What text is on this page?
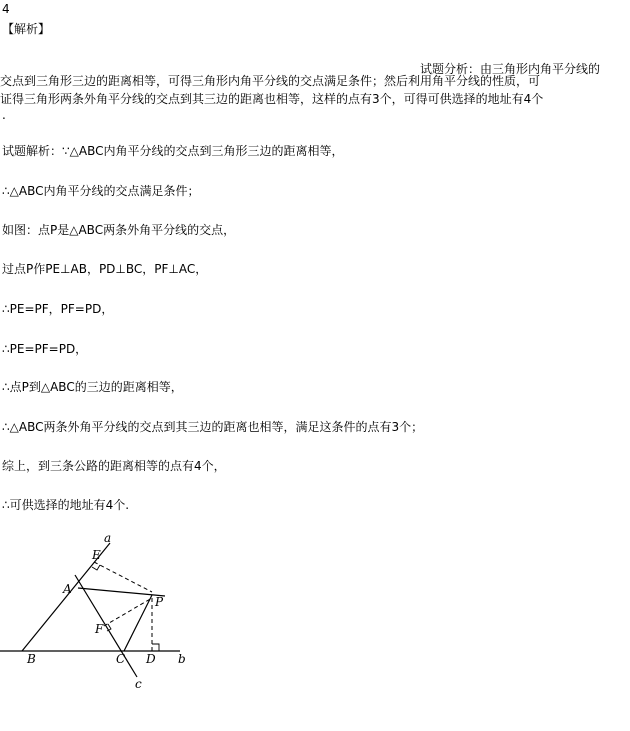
4
【解析】
试题分析：由三角形内角平分线的
交点到三角形三边的距离相等，可得三角形内角平分线的交点满足条件；然后利用角平分线的性质，可
证得三角形两条外角平分线的交点到其三边的距离也相等，这样的点有3个，可得可供选择的地址有4个
.
试题解析：∵△ABC内角平分线的交点到三角形三边的距离相等，
∴△ABC内角平分线的交点满足条件；
如图：点P是△ABC两条外角平分线的交点，
过点P作PE⊥AB，PD⊥BC，PF⊥AC，
∴PE=PF，PF=PD，
∴PE=PF=PD，
∴点P到△ABC的三边的距离相等，
∴△ABC两条外角平分线的交点到其三边的距离也相等，满足这条件的点有3个；
综上，到三条公路的距离相等的点有4个，
∴可供选择的地址有4个.
a
E
A
P
F
B	C D b
c
